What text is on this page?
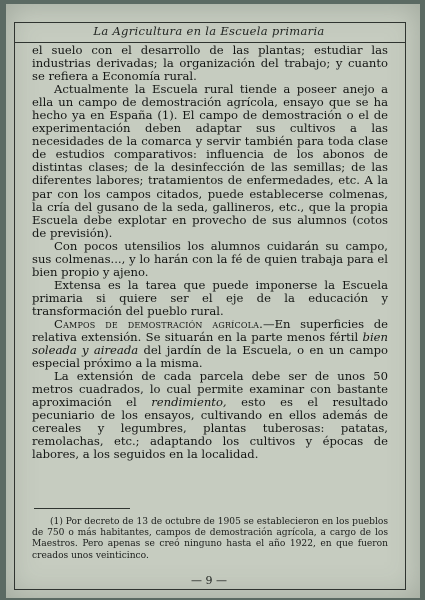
La Agricultura en la Escuela primaria

el suelo con el desarrollo de las plantas; estudiar las industrias derivadas; la organización del trabajo; y cuanto se refiera a Economía rural.

Actualmente la Escuela rural tiende a poseer anejo a ella un campo de demostración agrícola, ensayo que se ha hecho ya en España (1). El campo de demostración o el de experimentación deben adaptar sus cultivos a las necesidades de la comarca y servir también para toda clase de estudios comparativos: influencia de los abonos de distintas clases; de la desinfección de las semillas; de las diferentes labores; tratamientos de enfermedades, etc. A la par con los campos citados, puede establecerse colmenas, la cría del gusano de la seda, gallineros, etc., que la propia Escuela debe explotar en provecho de sus alumnos (cotos de previsión).

Con pocos utensilios los alumnos cuidarán su campo, sus colmenas..., y lo harán con la fé de quien trabaja para el bien propio y ajeno.

Extensa es la tarea que puede imponerse la Escuela primaria si quiere ser el eje de la educación y transformación del pueblo rural.

Campos de demostración agrícola.—En superficies de relativa extensión. Se situarán en la parte menos fértil bien soleada y aireada del jardín de la Escuela, o en un campo especial próximo a la misma.

La extensión de cada parcela debe ser de unos 50 metros cuadrados, lo cual permite examinar con bastante aproximación el rendimiento, esto es el resultado pecuniario de los ensayos, cultivando en ellos además de cereales y legumbres, plantas tuberosas: patatas, remolachas, etc.; adaptando los cultivos y épocas de labores, a los seguidos en la localidad.

(1) Por decreto de 13 de octubre de 1905 se establecieron en los pueblos de 750 o más habitantes, campos de demostración agrícola, a cargo de los Maestros. Pero apenas se creó ninguno hasta el año 1922, en que fueron creados unos veinticinco.

— 9 —
